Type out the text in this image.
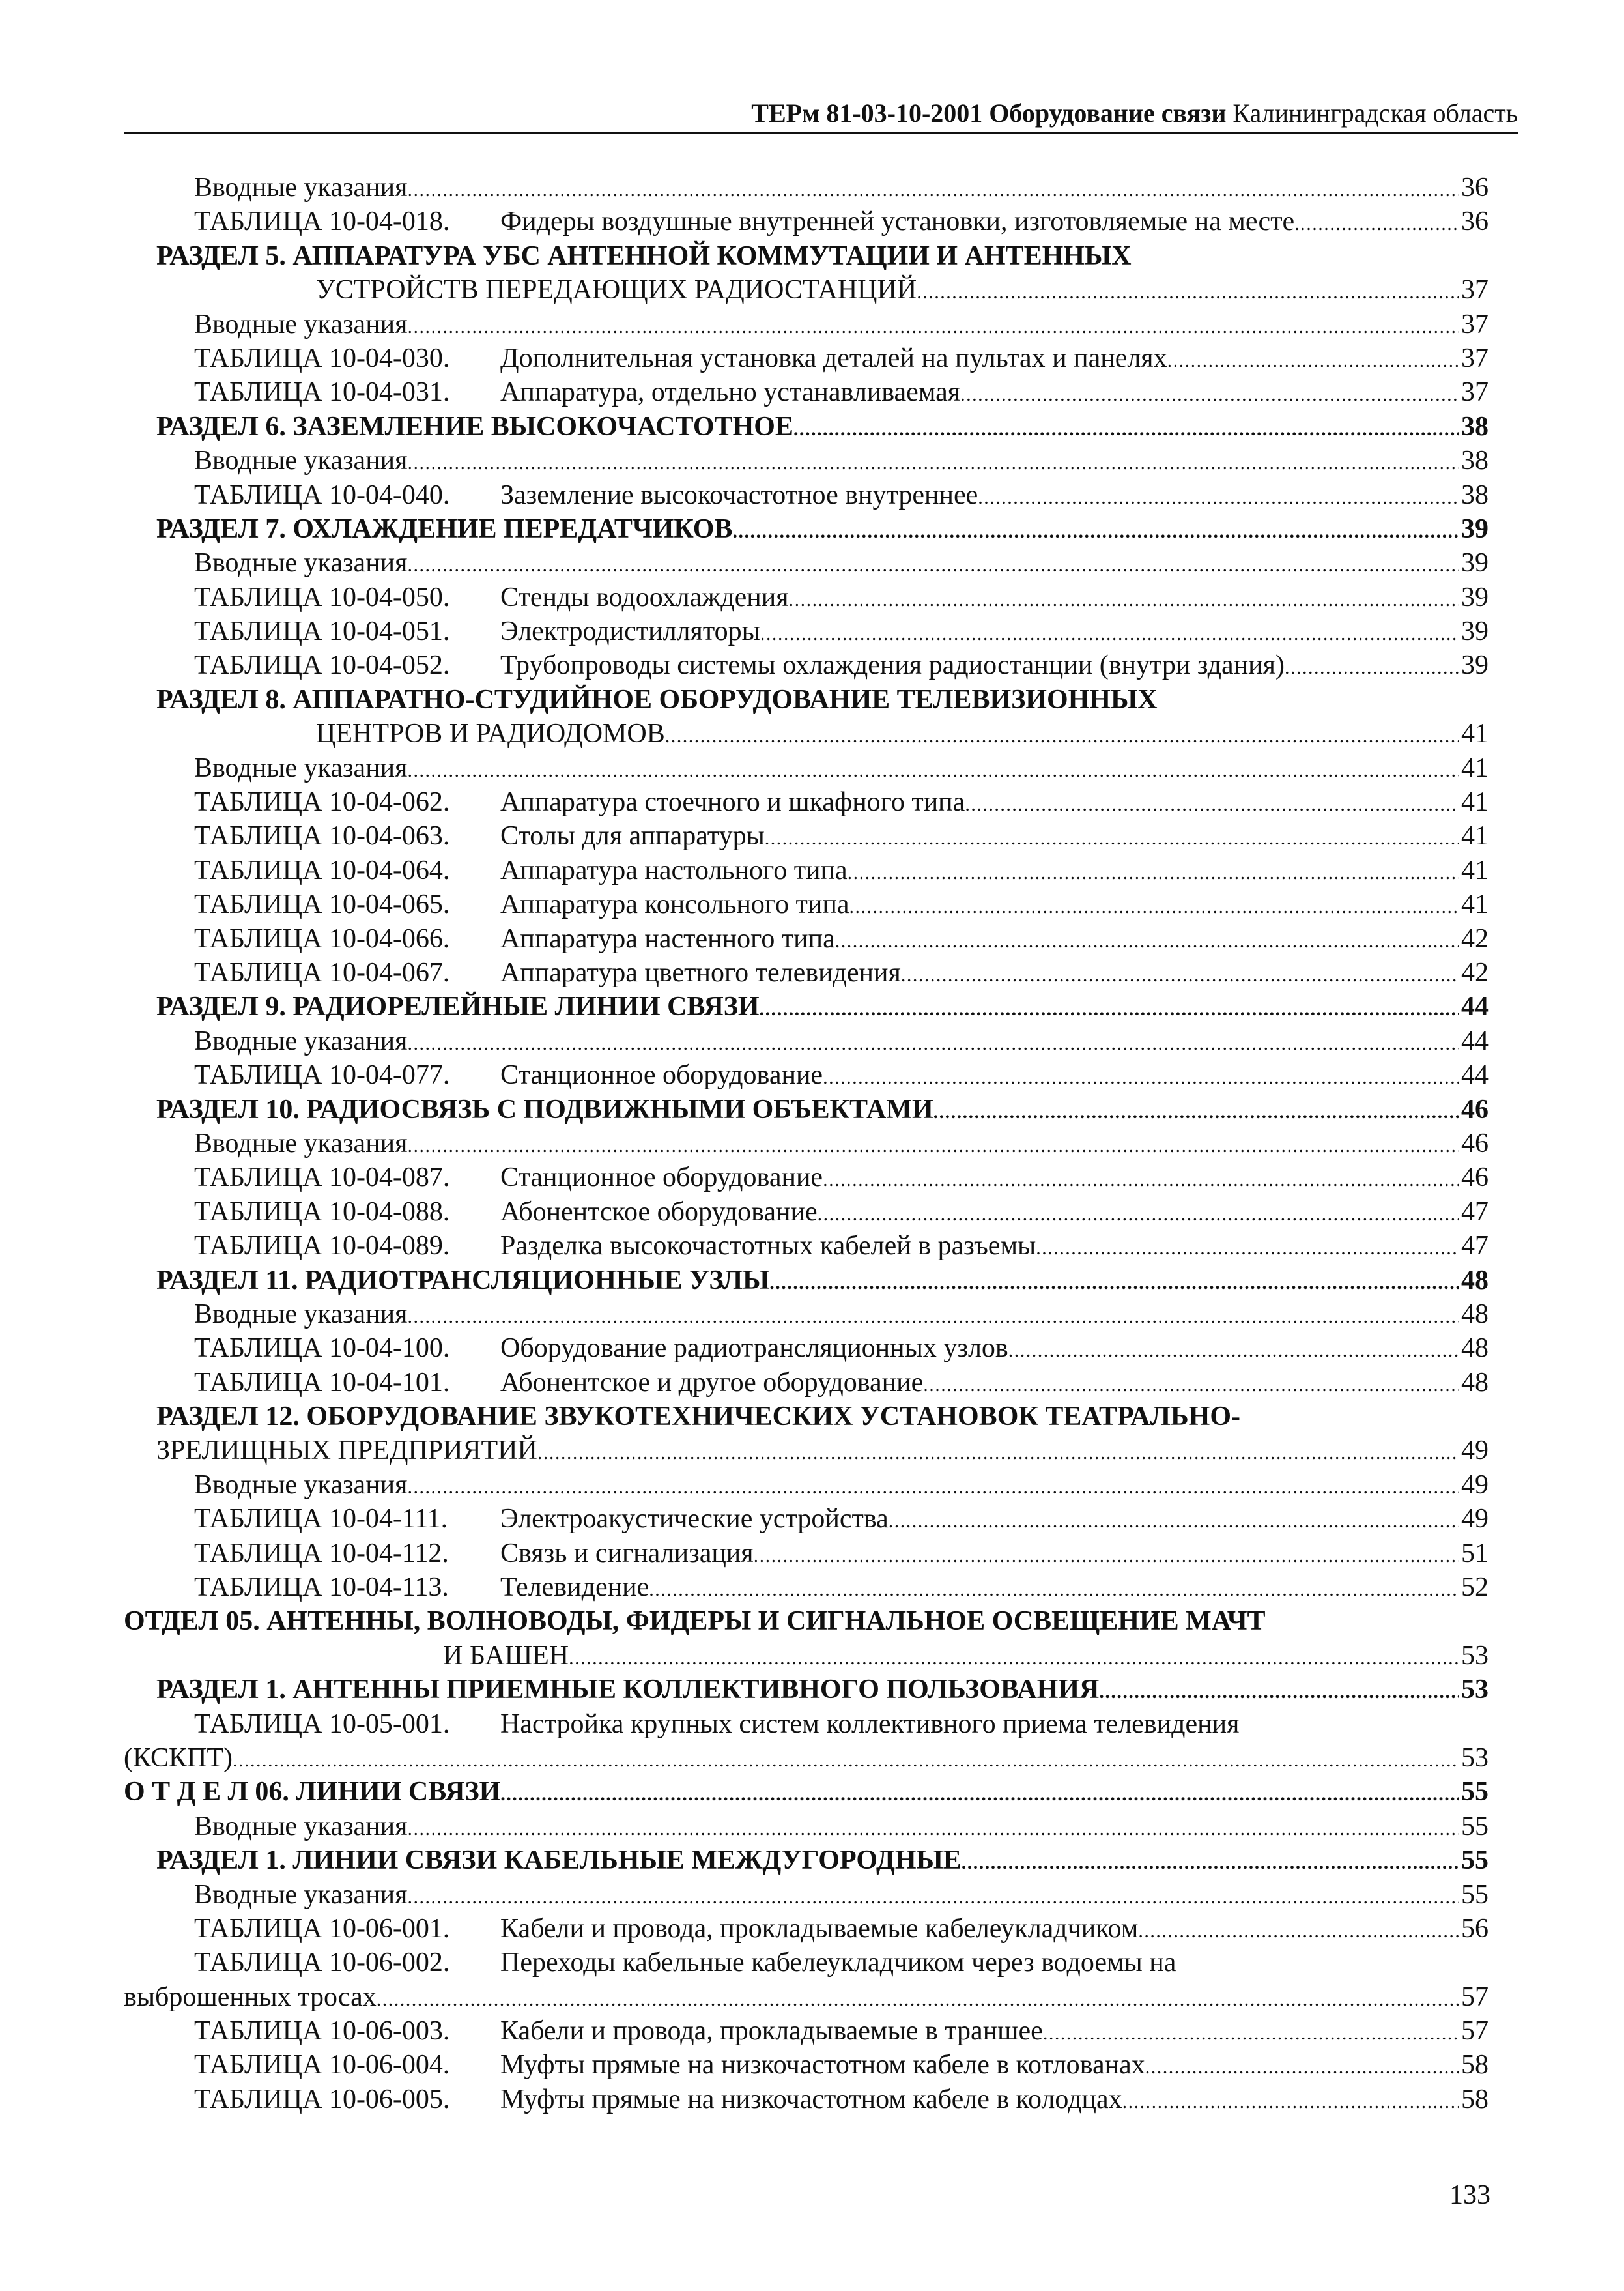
ТЕРм 81-03-10-2001 Оборудование связи Калининградская область
Вводные указания . . .	36
ТАБЛИЦА 10-04-018. Фидеры воздушные внутренней установки, изготовляемые на месте . . .	36
РАЗДЕЛ 5. АППАРАТУРА УБС АНТЕННОЙ КОММУТАЦИИ И АНТЕННЫХ
УСТРОЙСТВ ПЕРЕДАЮЩИХ РАДИОСТАНЦИЙ . . .	37
Вводные указания . . .	37
ТАБЛИЦА 10-04-030. Дополнительная установка деталей на пультах и панелях . . .	37
ТАБЛИЦА 10-04-031. Аппаратура, отдельно устанавливаемая . . .	37
РАЗДЕЛ 6. ЗАЗЕМЛЕНИЕ ВЫСОКОЧАСТОТНОЕ . . .	38
Вводные указания . . .	38
ТАБЛИЦА 10-04-040. Заземление высокочастотное внутреннее . . .	38
РАЗДЕЛ 7. ОХЛАЖДЕНИЕ ПЕРЕДАТЧИКОВ . . .	39
Вводные указания . . .	39
ТАБЛИЦА 10-04-050. Стенды водоохлаждения . . .	39
ТАБЛИЦА 10-04-051. Электродистилляторы . . .	39
ТАБЛИЦА 10-04-052. Трубопроводы системы охлаждения радиостанции (внутри здания) . . .	39
РАЗДЕЛ 8. АППАРАТНО-СТУДИЙНОЕ ОБОРУДОВАНИЕ ТЕЛЕВИЗИОННЫХ
ЦЕНТРОВ И РАДИОДОМОВ . . .	41
Вводные указания . . .	41
ТАБЛИЦА 10-04-062. Аппаратура стоечного и шкафного типа . . .	41
ТАБЛИЦА 10-04-063. Столы для аппаратуры . . .	41
ТАБЛИЦА 10-04-064. Аппаратура настольного типа . . .	41
ТАБЛИЦА 10-04-065. Аппаратура консольного типа . . .	41
ТАБЛИЦА 10-04-066. Аппаратура настенного типа . . .	42
ТАБЛИЦА 10-04-067. Аппаратура цветного телевидения . . .	42
РАЗДЕЛ 9. РАДИОРЕЛЕЙНЫЕ ЛИНИИ СВЯЗИ . . .	44
Вводные указания . . .	44
ТАБЛИЦА 10-04-077. Станционное оборудование . . .	44
РАЗДЕЛ 10. РАДИОСВЯЗЬ С ПОДВИЖНЫМИ ОБЪЕКТАМИ . . .	46
Вводные указания . . .	46
ТАБЛИЦА 10-04-087. Станционное оборудование . . .	46
ТАБЛИЦА 10-04-088. Абонентское оборудование . . .	47
ТАБЛИЦА 10-04-089. Разделка высокочастотных кабелей в разъемы . . .	47
РАЗДЕЛ 11. РАДИОТРАНСЛЯЦИОННЫЕ УЗЛЫ . . .	48
Вводные указания . . .	48
ТАБЛИЦА 10-04-100. Оборудование радиотрансляционных узлов . . .	48
ТАБЛИЦА 10-04-101. Абонентское и другое оборудование . . .	48
РАЗДЕЛ 12. ОБОРУДОВАНИЕ ЗВУКОТЕХНИЧЕСКИХ УСТАНОВОК ТЕАТРАЛЬНО-
ЗРЕЛИЩНЫХ ПРЕДПРИЯТИЙ . . .	49
Вводные указания . . .	49
ТАБЛИЦА 10-04-111. Электроакустические устройства . . .	49
ТАБЛИЦА 10-04-112. Связь и сигнализация . . .	51
ТАБЛИЦА 10-04-113. Телевидение . . .	52
ОТДЕЛ 05. АНТЕННЫ, ВОЛНОВОДЫ, ФИДЕРЫ И СИГНАЛЬНОЕ ОСВЕЩЕНИЕ МАЧТ
И БАШЕН . . .	53
РАЗДЕЛ 1. АНТЕННЫ ПРИЕМНЫЕ КОЛЛЕКТИВНОГО ПОЛЬЗОВАНИЯ . . .	53
ТАБЛИЦА 10-05-001. Настройка крупных систем коллективного приема телевидения
(КСКПТ) . . .	53
О Т Д Е Л 06. ЛИНИИ СВЯЗИ . . .	55
Вводные указания . . .	55
РАЗДЕЛ 1. ЛИНИИ СВЯЗИ КАБЕЛЬНЫЕ МЕЖДУГОРОДНЫЕ . . .	55
Вводные указания . . .	55
ТАБЛИЦА 10-06-001. Кабели и провода, прокладываемые кабелеукладчиком . . .	56
ТАБЛИЦА 10-06-002. Переходы кабельные кабелеукладчиком через водоемы на
выброшенных тросах . . .	57
ТАБЛИЦА 10-06-003. Кабели и провода, прокладываемые в траншее . . .	57
ТАБЛИЦА 10-06-004. Муфты прямые на низкочастотном кабеле в котлованах . . .	58
ТАБЛИЦА 10-06-005. Муфты прямые на низкочастотном кабеле в колодцах . . .	58
133
